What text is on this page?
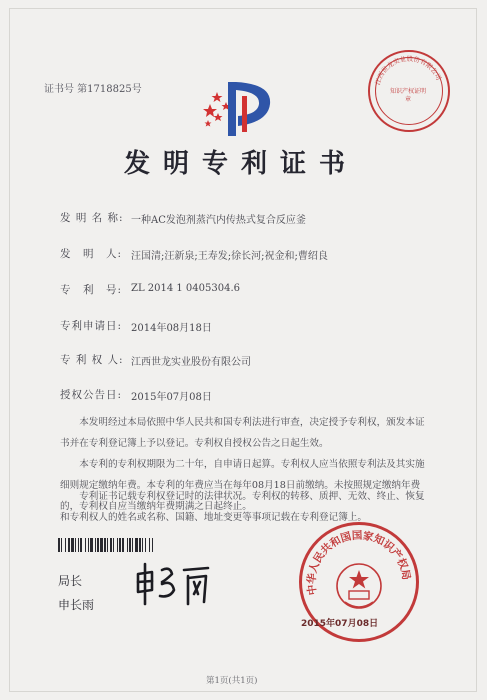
证书号 第1718825号
江西世龙实业股份有限公司
知识产权证明章
发明专利证书
发 明 名 称: 一种AC发泡剂蒸汽内传热式复合反应釜
发　明　人: 汪国清;汪新泉;王寿发;徐长河;祝金和;曹绍良
专　利　号: ZL 2014 1 0405304.6
专利申请日: 2014年08月18日
专 利 权 人: 江西世龙实业股份有限公司
授权公告日: 2015年07月08日
本发明经过本局依照中华人民共和国专利法进行审查，决定授予专利权，颁发本证书并在专利登记簿上予以登记。专利权自授权公告之日起生效。
本专利的专利权期限为二十年，自申请日起算。专利权人应当依照专利法及其实施细则规定缴纳年费。本专利的年费应当在每年08月18日前缴纳。未按照规定缴纳年费的，专利权自应当缴纳年费期满之日起终止。
专利证书记载专利权登记时的法律状况。专利权的转移、质押、无效、终止、恢复和专利权人的姓名或名称、国籍、地址变更等事项记载在专利登记簿上。
局长
申长雨
中华人民共和国国家知识产权局
2015年07月08日
第1页(共1页)
